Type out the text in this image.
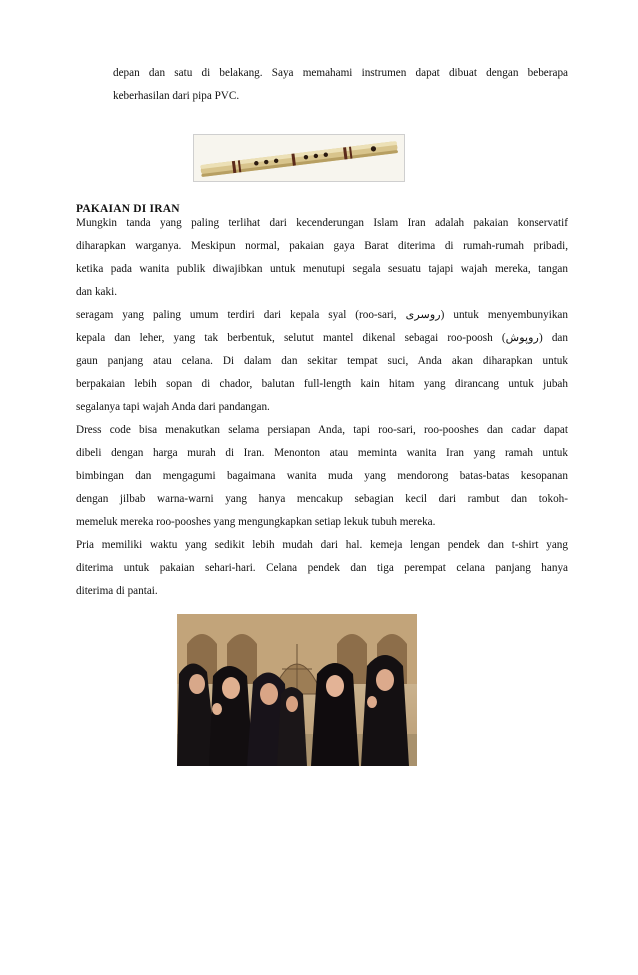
depan dan satu di belakang. Saya memahami instrumen dapat dibuat dengan beberapa
keberhasilan dari pipa PVC.
PAKAIAN DI IRAN
Mungkin tanda yang paling terlihat dari kecenderungan Islam Iran adalah pakaian konservatif
diharapkan warganya. Meskipun normal, pakaian gaya Barat diterima di rumah-rumah pribadi,
ketika pada wanita publik diwajibkan untuk menutupi segala sesuatu tajapi wajah mereka, tangan
dan kaki.
seragam yang paling umum terdiri dari kepala syal (roo-sari, روسری) untuk menyembunyikan
kepala dan leher, yang tak berbentuk, selutut mantel dikenal sebagai roo-poosh (روپوش) dan
gaun panjang atau celana. Di dalam dan sekitar tempat suci, Anda akan diharapkan untuk
berpakaian lebih sopan di chador, balutan full-length kain hitam yang dirancang untuk jubah
segalanya tapi wajah Anda dari pandangan.
Dress code bisa menakutkan selama persiapan Anda, tapi roo-sari, roo-pooshes dan cadar dapat
dibeli dengan harga murah di Iran. Menonton atau meminta wanita Iran yang ramah untuk
bimbingan dan mengagumi bagaimana wanita muda yang mendorong batas-batas kesopanan
dengan jilbab warna-warni yang hanya mencakup sebagian kecil dari rambut dan tokoh-
memeluk mereka roo-pooshes yang mengungkapkan setiap lekuk tubuh mereka.
Pria memiliki waktu yang sedikit lebih mudah dari hal. kemeja lengan pendek dan t-shirt yang
diterima untuk pakaian sehari-hari. Celana pendek dan tiga perempat celana panjang hanya
diterima di pantai.
